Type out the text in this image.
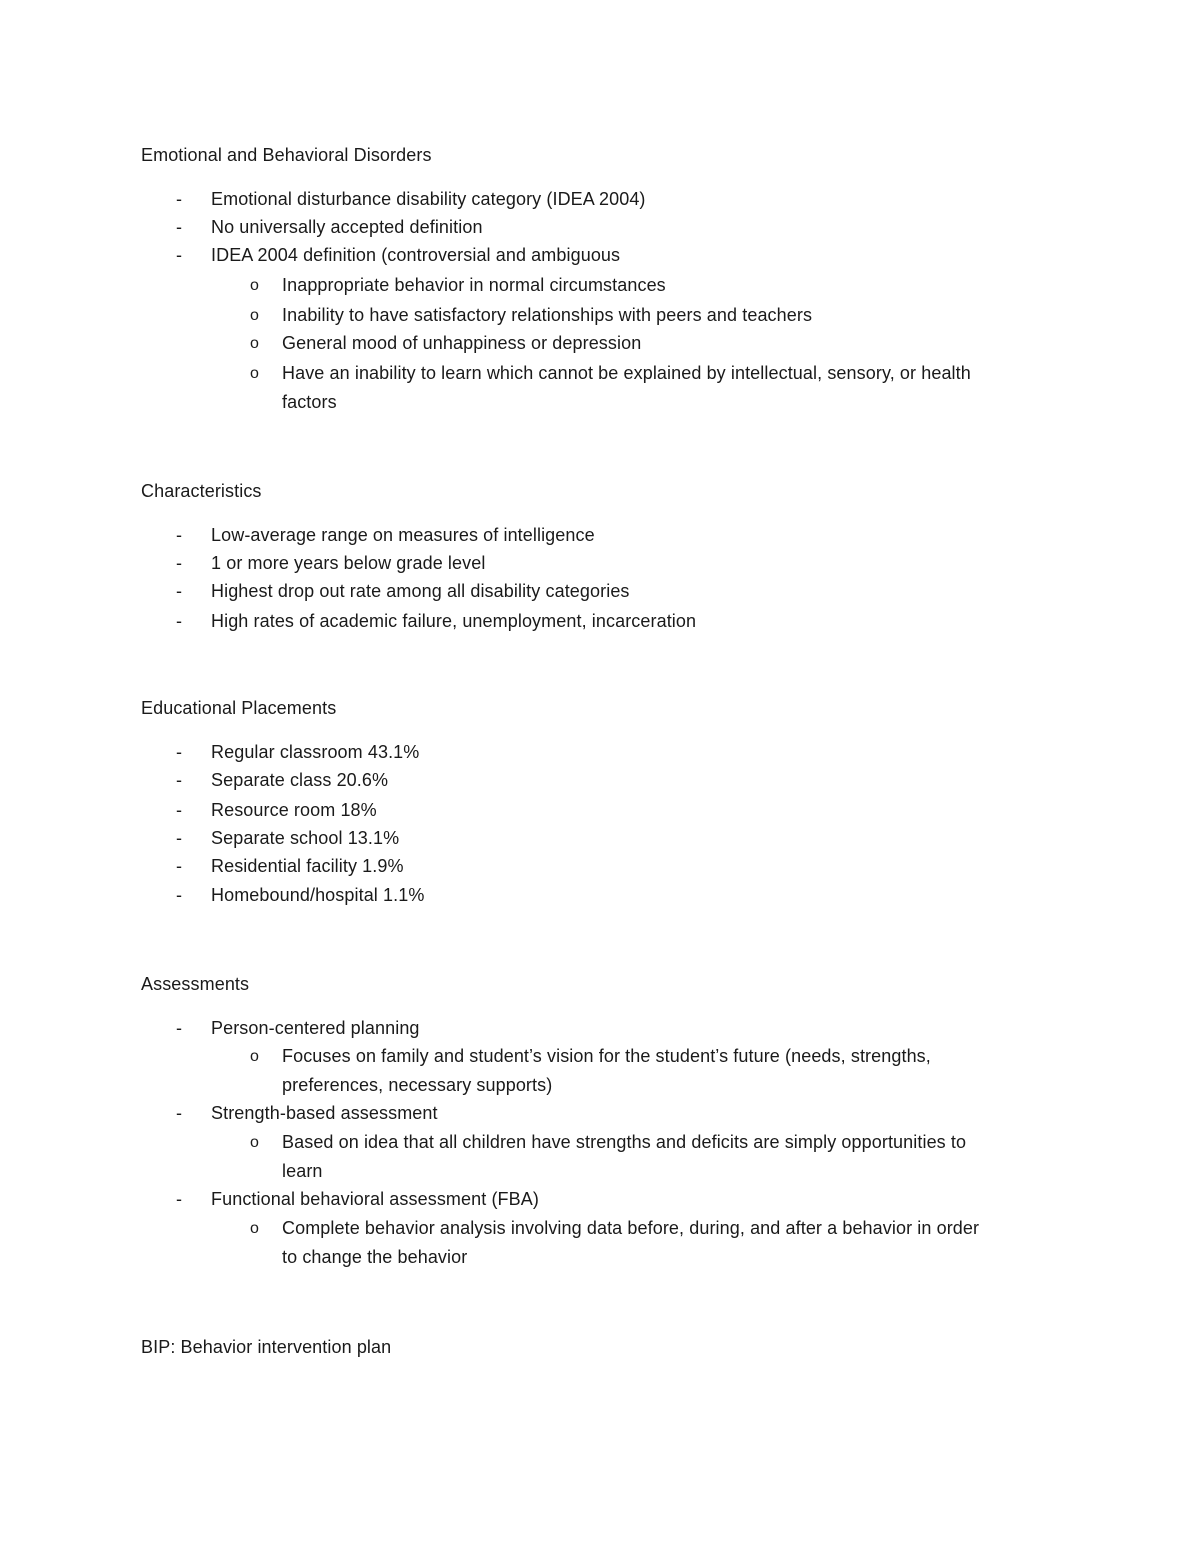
Emotional and Behavioral Disorders
- Emotional disturbance disability category (IDEA 2004)
- No universally accepted definition
- IDEA 2004 definition (controversial and ambiguous
o Inappropriate behavior in normal circumstances
o Inability to have satisfactory relationships with peers and teachers
o General mood of unhappiness or depression
o Have an inability to learn which cannot be explained by intellectual, sensory, or health
factors
Characteristics
- Low-average range on measures of intelligence
- 1 or more years below grade level
- Highest drop out rate among all disability categories
- High rates of academic failure, unemployment, incarceration
Educational Placements
- Regular classroom 43.1%
- Separate class 20.6%
- Resource room 18%
- Separate school 13.1%
- Residential facility 1.9%
- Homebound/hospital 1.1%
Assessments
- Person-centered planning
o Focuses on family and student’s vision for the student’s future (needs, strengths,
preferences, necessary supports)
- Strength-based assessment
o Based on idea that all children have strengths and deficits are simply opportunities to
learn
- Functional behavioral assessment (FBA)
o Complete behavior analysis involving data before, during, and after a behavior in order
to change the behavior
BIP: Behavior intervention plan
